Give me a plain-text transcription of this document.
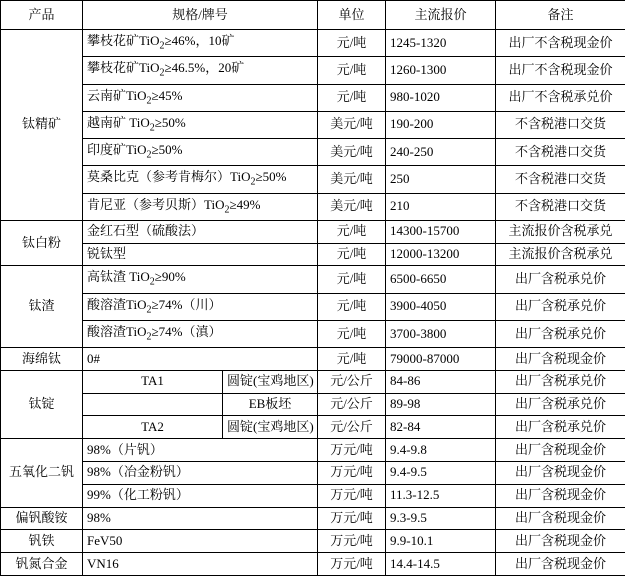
产品	规格/牌号		单位	主流报价	备注
钛精矿	攀枝花矿TiO$_2$≥46%，10矿		元/吨	1245-1320	出厂不含税现金价
	攀枝花矿TiO$_2$≥46.5%，20矿		元/吨	1260-1300	出厂不含税现金价
	云南矿TiO$_2$≥45%		元/吨	980-1020	出厂不含税承兑价
	越南矿 TiO$_2$≥50%		美元/吨	190-200	不含税港口交货
	印度矿TiO$_2$≥50%		美元/吨	240-250	不含税港口交货
	莫桑比克（参考肯梅尔）TiO$_2$≥50%		美元/吨	250	不含税港口交货
	肯尼亚（参考贝斯）TiO$_2$≥49%		美元/吨	210	不含税港口交货
钛白粉	金红石型（硫酸法）		元/吨	14300-15700	主流报价含税承兑
	锐钛型		元/吨	12000-13200	主流报价含税承兑
钛渣	高钛渣 TiO$_2$≥90%		元/吨	6500-6650	出厂含税承兑价
	酸溶渣TiO$_2$≥74%（川）		元/吨	3900-4050	出厂含税承兑价
	酸溶渣TiO$_2$≥74%（滇）		元/吨	3700-3800	出厂含税承兑价
海绵钛	0#		元/吨	79000-87000	出厂含税现金价
钛锭	TA1	圆锭(宝鸡地区)	元/公斤	84-86	出厂含税承兑价
		EB板坯	元/公斤	89-98	出厂含税承兑价
	TA2	圆锭(宝鸡地区)	元/公斤	82-84	出厂含税承兑价
五氧化二钒	98%（片钒）		万元/吨	9.4-9.8	出厂含税现金价
	98%（冶金粉钒）		万元/吨	9.4-9.5	出厂含税现金价
	99%（化工粉钒）		万元/吨	11.3-12.5	出厂含税现金价
偏钒酸铵	98%		万元/吨	9.3-9.5	出厂含税现金价
钒铁	FeV50		万元/吨	9.9-10.1	出厂含税现金价
钒氮合金	VN16		万元/吨	14.4-14.5	出厂含税现金价
